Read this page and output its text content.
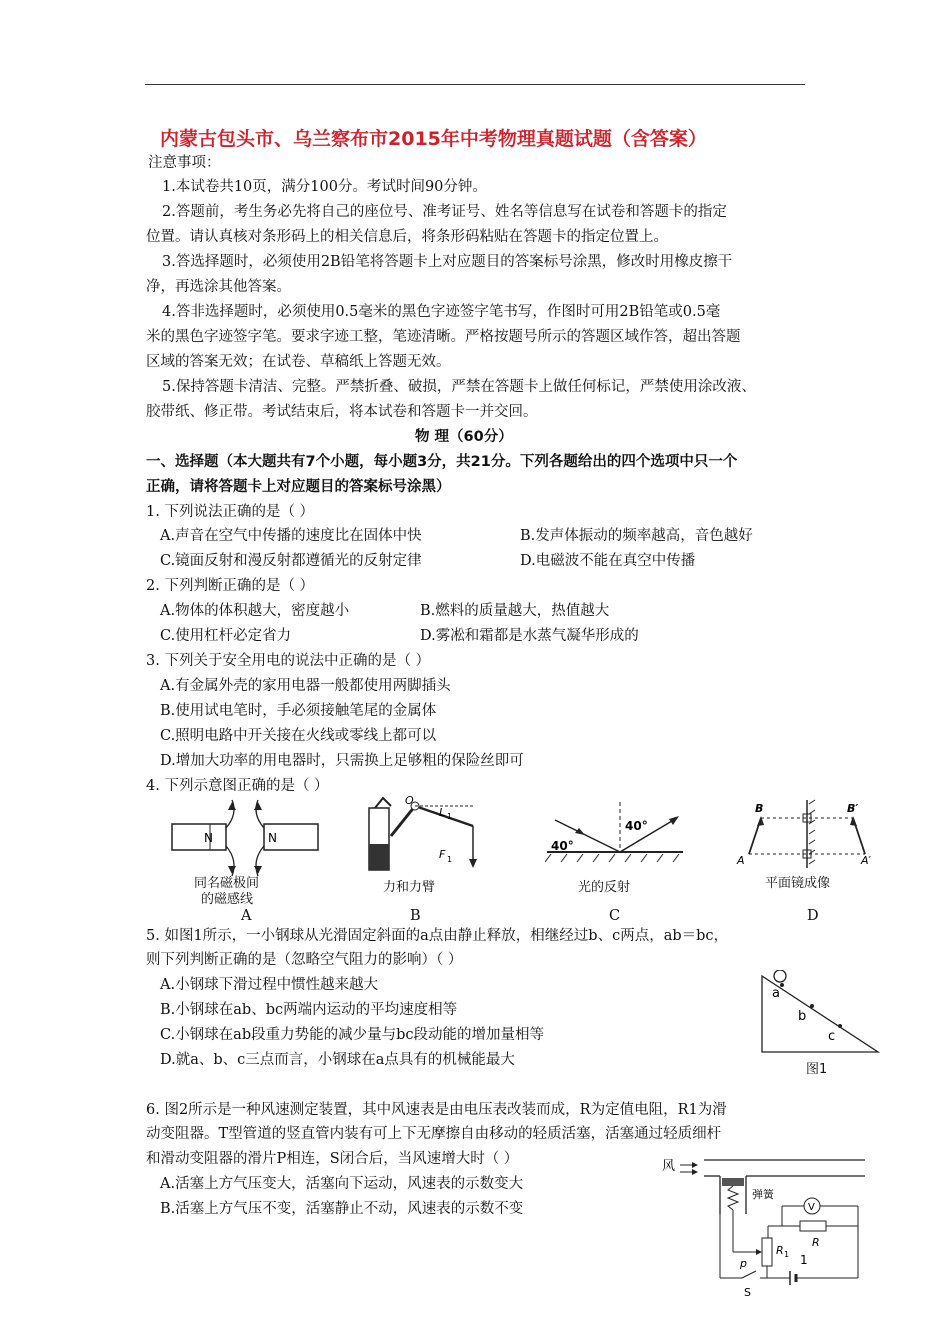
内蒙古包头市、乌兰察布市2015年中考物理真题试题（含答案）
注意事项：
1.本试卷共10页，满分100分。考试时间90分钟。
2.答题前，考生务必先将自己的座位号、准考证号、姓名等信息写在试卷和答题卡的指定
位置。请认真核对条形码上的相关信息后，将条形码粘贴在答题卡的指定位置上。
3.答选择题时，必须使用2B铅笔将答题卡上对应题目的答案标号涂黑，修改时用橡皮擦干
净，再选涂其他答案。
4.答非选择题时，必须使用0.5毫米的黑色字迹签字笔书写，作图时可用2B铅笔或0.5毫
米的黑色字迹签字笔。要求字迹工整，笔迹清晰。严格按题号所示的答题区域作答，超出答题
区域的答案无效；在试卷、草稿纸上答题无效。
5.保持答题卡清洁、完整。严禁折叠、破损，严禁在答题卡上做任何标记，严禁使用涂改液、
胶带纸、修正带。考试结束后，将本试卷和答题卡一并交回。
物 理（60分）
一、选择题（本大题共有7个小题，每小题3分，共21分。下列各题给出的四个选项中只一个
正确，请将答题卡上对应题目的答案标号涂黑）
1. 下列说法正确的是（ ）
A.声音在空气中传播的速度比在固体中快	B.发声体振动的频率越高，音色越好
C.镜面反射和漫反射都遵循光的反射定律	D.电磁波不能在真空中传播
2. 下列判断正确的是（ ）
A.物体的体积越大，密度越小	B.燃料的质量越大，热值越大
C.使用杠杆必定省力	D.雾凇和霜都是水蒸气凝华形成的
3. 下列关于安全用电的说法中正确的是（ ）
A.有金属外壳的家用电器一般都使用两脚插头
B.使用试电笔时，手必须接触笔尾的金属体
C.照明电路中开关接在火线或零线上都可以
D.增加大功率的用电器时，只需换上足够粗的保险丝即可
4. 下列示意图正确的是（ ）
N	N
同名磁极间
的磁感线
A
O
L 1
F 1
力和力臂
B
40°
40°
光的反射
C
B	B′
A	A′
平面镜成像
D
5. 如图1所示，一小钢球从光滑固定斜面的a点由静止释放，相继经过b、c两点，ab＝bc，
则下列判断正确的是（忽略空气阻力的影响）（ ）
A.小钢球下滑过程中惯性越来越大
B.小钢球在ab、bc两端内运动的平均速度相等
C.小钢球在ab段重力势能的减少量与bc段动能的增加量相等
D.就a、b、c三点而言，小钢球在a点具有的机械能最大
a
b
c
图1
6. 图2所示是一种风速测定装置，其中风速表是由电压表改装而成，R为定值电阻，R1为滑
动变阻器。T型管道的竖直管内装有可上下无摩擦自由移动的轻质活塞，活塞通过轻质细杆
和滑动变阻器的滑片P相连，S闭合后，当风速增大时（ ）
A.活塞上方气压变大，活塞向下运动，风速表的示数变大
B.活塞上方气压不变，活塞静止不动，风速表的示数不变
风
弹簧
V
R
R 1
p	1
S
